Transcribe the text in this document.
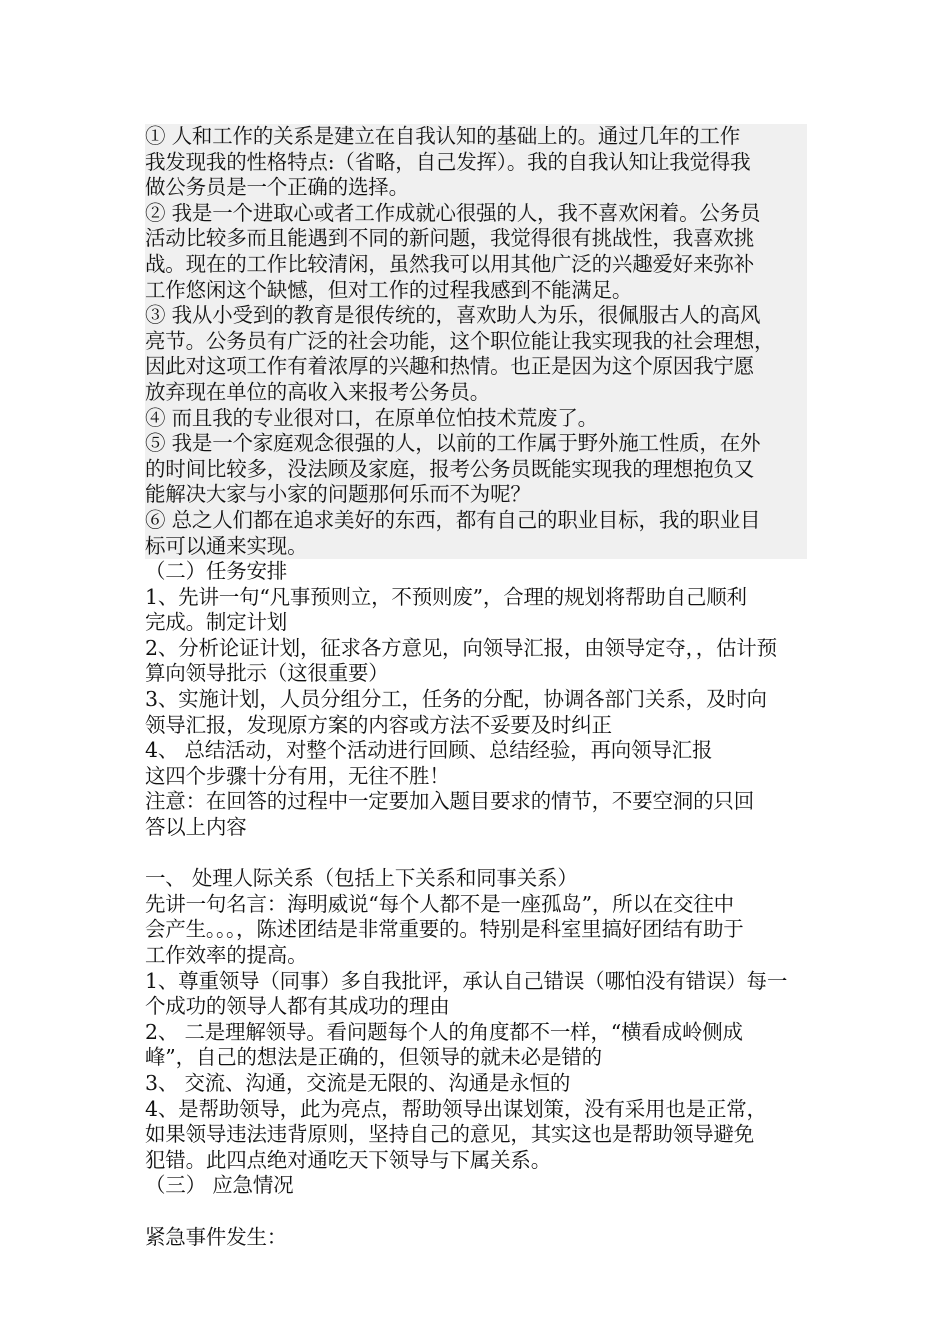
① 人和工作的关系是建立在自我认知的基础上的。通过几年的工作
我发现我的性格特点:（省略，自己发挥）。我的自我认知让我觉得我
做公务员是一个正确的选择。
② 我是一个进取心或者工作成就心很强的人，我不喜欢闲着。公务员
活动比较多而且能遇到不同的新问题，我觉得很有挑战性，我喜欢挑
战。现在的工作比较清闲，虽然我可以用其他广泛的兴趣爱好来弥补
工作悠闲这个缺憾，但对工作的过程我感到不能满足。
③ 我从小受到的教育是很传统的，喜欢助人为乐，很佩服古人的高风
亮节。公务员有广泛的社会功能，这个职位能让我实现我的社会理想，
因此对这项工作有着浓厚的兴趣和热情。也正是因为这个原因我宁愿
放弃现在单位的高收入来报考公务员。
④ 而且我的专业很对口，在原单位怕技术荒废了。
⑤ 我是一个家庭观念很强的人，以前的工作属于野外施工性质，在外
的时间比较多，没法顾及家庭，报考公务员既能实现我的理想抱负又
能解决大家与小家的问题那何乐而不为呢？
⑥ 总之人们都在追求美好的东西，都有自己的职业目标，我的职业目
标可以通来实现。
（二）任务安排
1、先讲一句“凡事预则立，不预则废”，合理的规划将帮助自己顺利
完成。制定计划
2、分析论证计划，征求各方意见，向领导汇报，由领导定夺，，估计预
算向领导批示（这很重要）
3、实施计划，人员分组分工，任务的分配，协调各部门关系，及时向
领导汇报，发现原方案的内容或方法不妥要及时纠正
4、 总结活动，对整个活动进行回顾、总结经验，再向领导汇报
这四个步骤十分有用，无往不胜！
注意：在回答的过程中一定要加入题目要求的情节，不要空洞的只回
答以上内容
一、 处理人际关系（包括上下关系和同事关系）
先讲一句名言：海明威说“每个人都不是一座孤岛”，所以在交往中
会产生。。。，陈述团结是非常重要的。特别是科室里搞好团结有助于
工作效率的提高。
1、尊重领导（同事）多自我批评，承认自己错误（哪怕没有错误）每一
个成功的领导人都有其成功的理由
2、 二是理解领导。看问题每个人的角度都不一样，“横看成岭侧成
峰”，自己的想法是正确的，但领导的就未必是错的
3、 交流、沟通，交流是无限的、沟通是永恒的
4、是帮助领导，此为亮点，帮助领导出谋划策，没有采用也是正常，
如果领导违法违背原则，坚持自己的意见，其实这也是帮助领导避免
犯错。此四点绝对通吃天下领导与下属关系。
（三） 应急情况
紧急事件发生：
